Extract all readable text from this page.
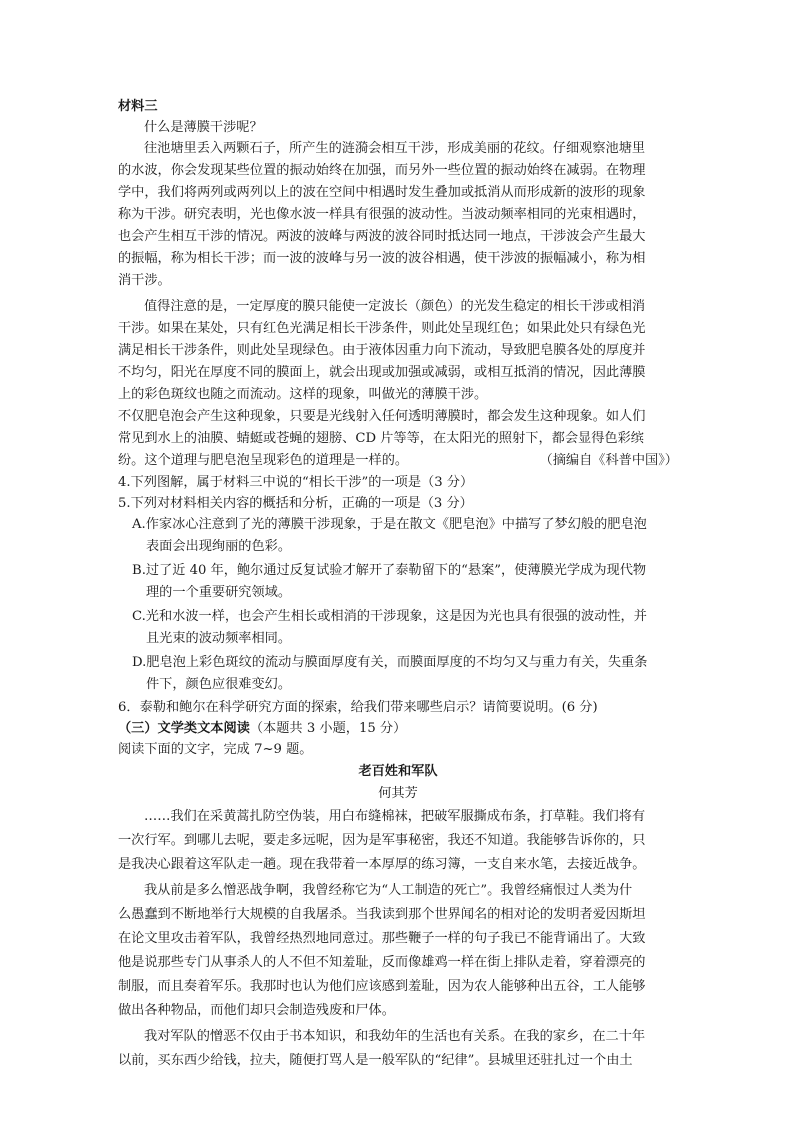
材料三
什么是薄膜干涉呢？
往池塘里丢入两颗石子，所产生的涟漪会相互干涉，形成美丽的花纹。仔细观察池塘里
的水波，你会发现某些位置的振动始终在加强，而另外一些位置的振动始终在减弱。在物理
学中，我们将两列或两列以上的波在空间中相遇时发生叠加或抵消从而形成新的波形的现象
称为干涉。研究表明，光也像水波一样具有很强的波动性。当波动频率相同的光束相遇时，
也会产生相互干涉的情况。两波的波峰与两波的波谷同时抵达同一地点，干涉波会产生最大
的振幅，称为相长干涉；而一波的波峰与另一波的波谷相遇，使干涉波的振幅减小，称为相
消干涉。
值得注意的是，一定厚度的膜只能使一定波长（颜色）的光发生稳定的相长干涉或相消
干涉。如果在某处，只有红色光满足相长干涉条件，则此处呈现红色；如果此处只有绿色光
满足相长干涉条件，则此处呈现绿色。由于液体因重力向下流动，导致肥皂膜各处的厚度并
不均匀，阳光在厚度不同的膜面上，就会出现或加强或减弱，或相互抵消的情况，因此薄膜
上的彩色斑纹也随之而流动。这样的现象，叫做光的薄膜干涉。
不仅肥皂泡会产生这种现象，只要是光线射入任何透明薄膜时，都会发生这种现象。如人们
常见到水上的油膜、蜻蜓或苍蝇的翅膀、CD 片等等，在太阳光的照射下，都会显得色彩缤
纷。这个道理与肥皂泡呈现彩色的道理是一样的。	（摘编自《科普中国》）
4.下列图解，属于材料三中说的“相长干涉”的一项是（3 分）
5.下列对材料相关内容的概括和分析，正确的一项是（3 分）
A.作家冰心注意到了光的薄膜干涉现象，于是在散文《肥皂泡》中描写了梦幻般的肥皂泡
表面会出现绚丽的色彩。
B.过了近 40 年，鲍尔通过反复试验才解开了泰勒留下的“悬案”，使薄膜光学成为现代物
理的一个重要研究领域。
C.光和水波一样，也会产生相长或相消的干涉现象，这是因为光也具有很强的波动性，并
且光束的波动频率相同。
D.肥皂泡上彩色斑纹的流动与膜面厚度有关，而膜面厚度的不均匀又与重力有关，失重条
件下，颜色应很难变幻。
6．泰勒和鲍尔在科学研究方面的探索，给我们带来哪些启示？请简要说明。(6 分)
（三）文学类文本阅读（本题共 3 小题，15 分）
阅读下面的文字，完成 7~9 题。
老百姓和军队
何其芳
……我们在采黄蒿扎防空伪装，用白布缝棉袜，把破军服撕成布条，打草鞋。我们将有
一次行军。到哪儿去呢，要走多远呢，因为是军事秘密，我还不知道。我能够告诉你的，只
是我决心跟着这军队走一趟。现在我带着一本厚厚的练习簿，一支自来水笔，去接近战争。
我从前是多么憎恶战争啊，我曾经称它为“人工制造的死亡”。我曾经痛恨过人类为什
么愚蠢到不断地举行大规模的自我屠杀。当我读到那个世界闻名的相对论的发明者爱因斯坦
在论文里攻击着军队，我曾经热烈地同意过。那些鞭子一样的句子我已不能背诵出了。大致
他是说那些专门从事杀人的人不但不知羞耻，反而像雄鸡一样在街上排队走着，穿着漂亮的
制服，而且奏着军乐。我那时也认为他们应该感到羞耻，因为农人能够种出五谷，工人能够
做出各种物品，而他们却只会制造残废和尸体。
我对军队的憎恶不仅由于书本知识，和我幼年的生活也有关系。在我的家乡，在二十年
以前，买东西少给钱，拉夫，随便打骂人是一般军队的“纪律”。县城里还驻扎过一个由土
